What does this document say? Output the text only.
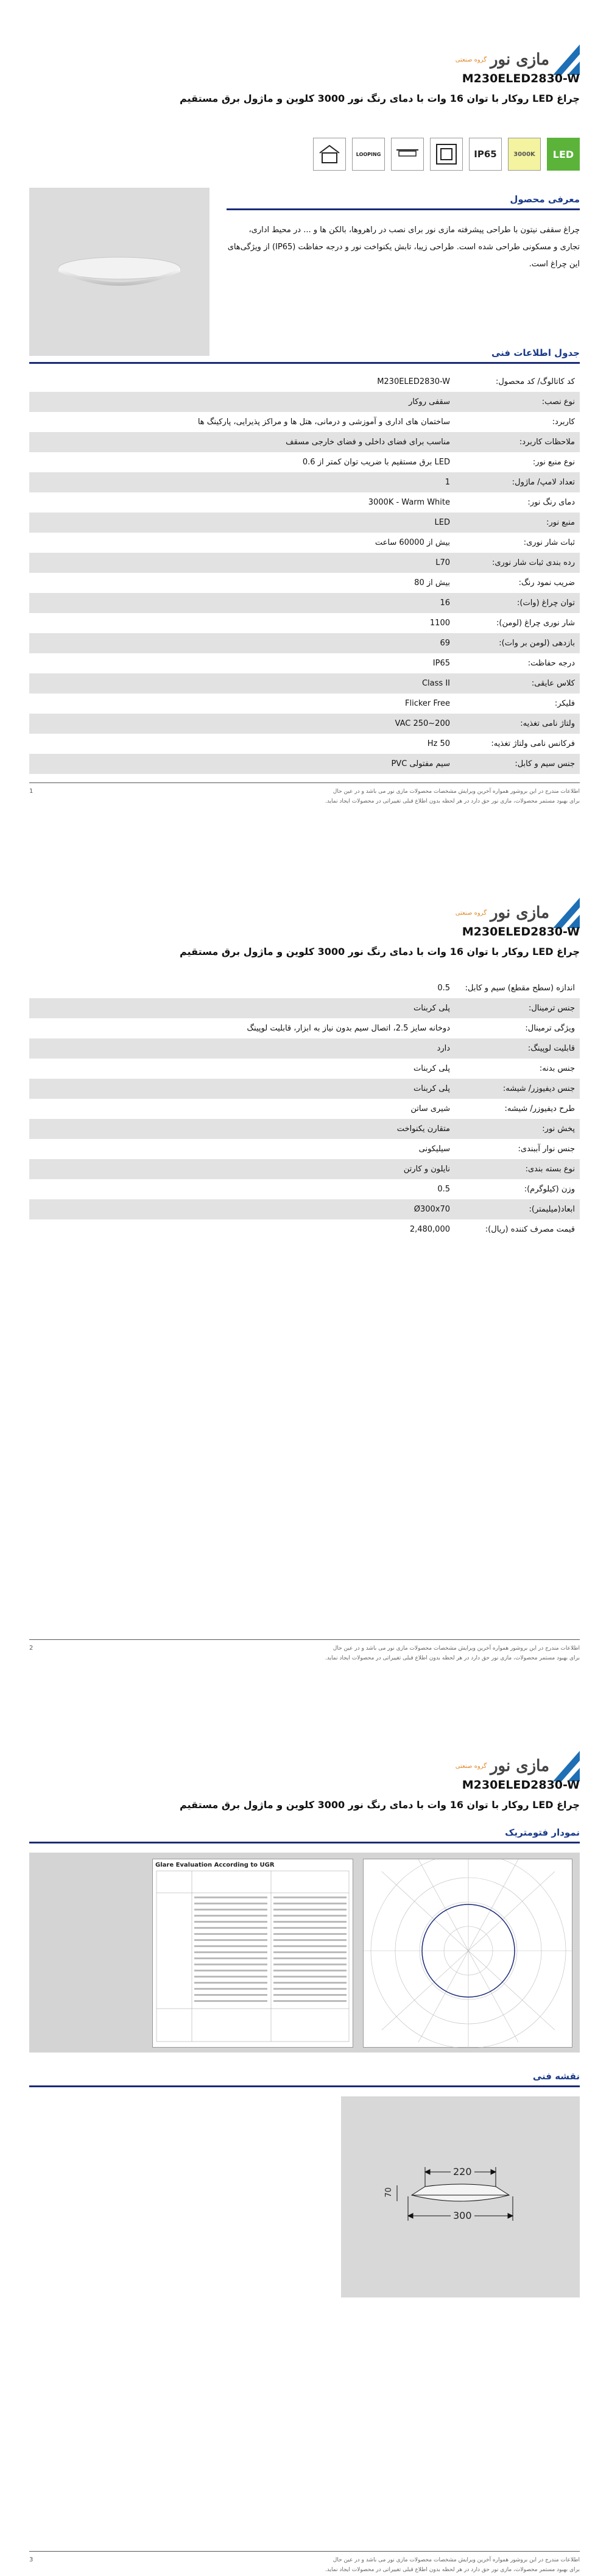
گروه صنعتی مازی نور
M230ELED2830-W
چراغ LED روکار با توان 16 وات با دمای رنگ نور 3000 کلوین و ماژول برق مستقیم
LED
3000K
IP65
LOOPING
معرفی محصول
چراغ سقفی نیتون با طراحی پیشرفته مازی نور برای نصب در راهروها، بالکن ها و ... در محیط اداری، تجاری و مسکونی طراحی شده است. طراحی زیبا، تابش یکنواخت نور و درجه حفاظت (IP65) از ویژگی‌های این چراغ است.
جدول اطلاعات فنی
کد کاتالوگ/ کد محصول:
M230ELED2830-W
نوع نصب:
سقفی روکار
کاربرد:
ساختمان های اداری و آموزشی و درمانی، هتل ها و مراکز پذیرایی، پارکینگ ها
ملاحظات کاربرد:
مناسب برای فضای داخلی و فضای خارجی مسقف
نوع منبع نور:
LED برق مستقیم با ضریب توان کمتر از 0.6
تعداد لامپ/ ماژول:
1
دمای رنگ نور:
3000K - Warm White
منبع نور:
LED
ثبات شار نوری:
بیش از 60000 ساعت
رده بندی ثبات شار نوری:
L70
ضریب نمود رنگ:
بیش از 80
توان چراغ (وات):
16
شار نوری چراغ (لومن):
1100
بازدهی (لومن بر وات):
69
درجه حفاظت:
IP65
کلاس عایقی:
Class II
فلیکر:
Flicker Free
ولتاژ نامی تغذیه:
VAC 250~200
فرکانس نامی ولتاژ تغذیه:
Hz 50
جنس سیم و کابل:
سیم مفتولی PVC
اطلاعات مندرج در این بروشور همواره آخرین ویرایش مشخصات محصولات مازی نور می باشد و در عین حال
برای بهبود مستمر محصولات، مازی نور حق دارد در هر لحظه بدون اطلاع قبلی تغییراتی در محصولات ایجاد نماید.
1
گروه صنعتی مازی نور
M230ELED2830-W
چراغ LED روکار با توان 16 وات با دمای رنگ نور 3000 کلوین و ماژول برق مستقیم
اندازه (سطح مقطع) سیم و کابل:
0.5
جنس ترمینال:
پلی کربنات
ویژگی ترمینال:
دوخانه سایز 2.5، اتصال سیم بدون نیاز به ابزار، قابلیت لوپینگ
قابلیت لوپینگ:
دارد
جنس بدنه:
پلی کربنات
جنس دیفیوزر/ شیشه:
پلی کربنات
طرح دیفیوزر/ شیشه:
شیری ساتن
پخش نور:
متقارن یکنواخت
جنس نوار آببندی:
سیلیکونی
نوع بسته بندی:
نایلون و کارتن
وزن (کیلوگرم):
0.5
ابعاد(میلیمتر):
Ø300x70
قیمت مصرف کننده (ریال):
2,480,000
اطلاعات مندرج در این بروشور همواره آخرین ویرایش مشخصات محصولات مازی نور می باشد و در عین حال
برای بهبود مستمر محصولات، مازی نور حق دارد در هر لحظه بدون اطلاع قبلی تغییراتی در محصولات ایجاد نماید.
2
گروه صنعتی مازی نور
M230ELED2830-W
چراغ LED روکار با توان 16 وات با دمای رنگ نور 3000 کلوین و ماژول برق مستقیم
نمودار فتومتریک
Glare Evaluation According to UGR
نقشه فنی
220
300
70
اطلاعات مندرج در این بروشور همواره آخرین ویرایش مشخصات محصولات مازی نور می باشد و در عین حال
برای بهبود مستمر محصولات، مازی نور حق دارد در هر لحظه بدون اطلاع قبلی تغییراتی در محصولات ایجاد نماید.
3
